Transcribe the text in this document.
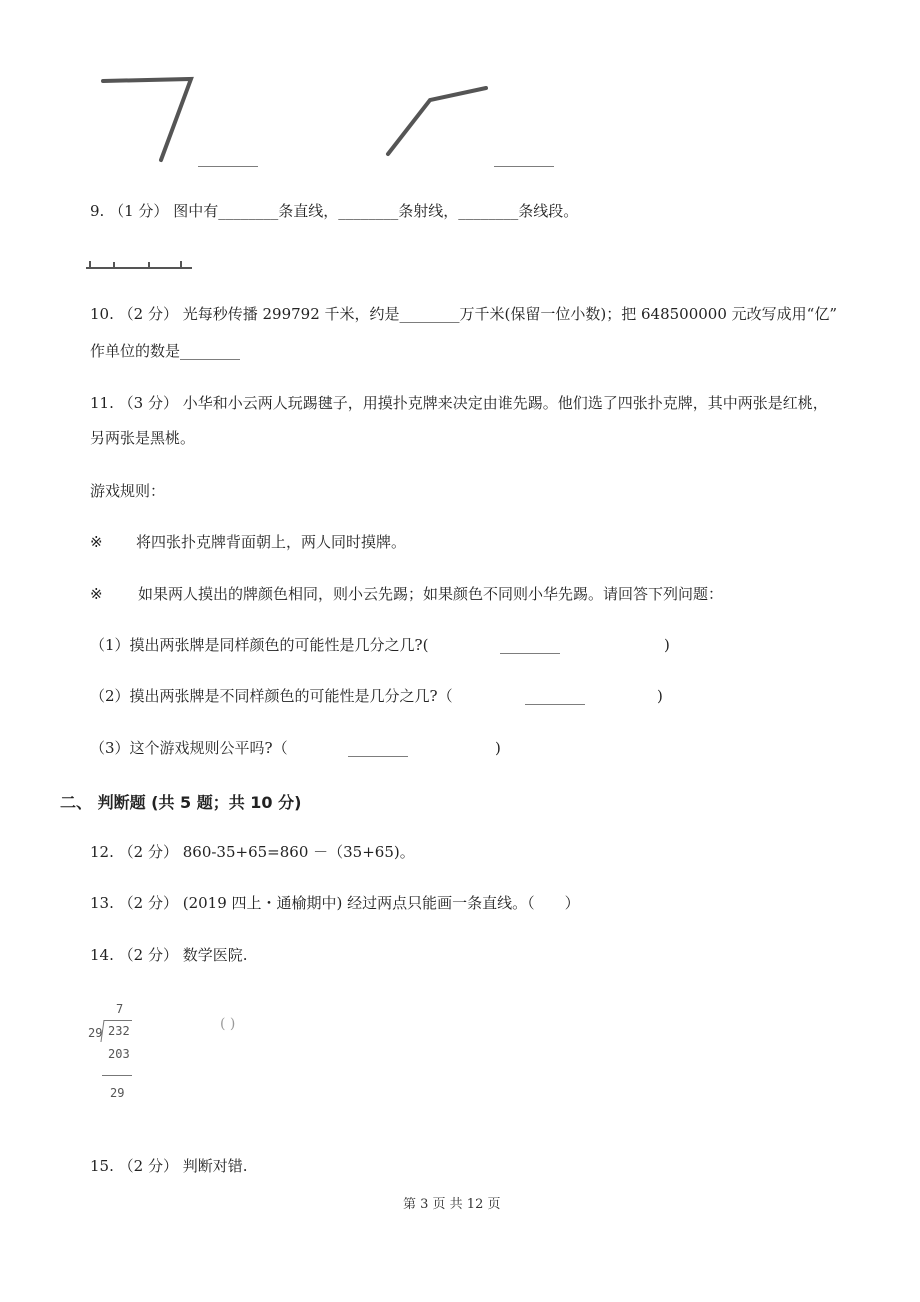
________	________
9. （1 分） 图中有________条直线，________条射线，________条线段。
10. （2 分） 光每秒传播 299792 千米，约是________万千米(保留一位小数)；把 648500000 元改写成用“亿”
作单位的数是________
11. （3 分） 小华和小云两人玩踢毽子，用摸扑克牌来决定由谁先踢。他们选了四张扑克牌，其中两张是红桃，
另两张是黑桃。
游戏规则：
※ 将四张扑克牌背面朝上，两人同时摸牌。
※ 如果两人摸出的牌颜色相同，则小云先踢；如果颜色不同则小华先踢。请回答下列问题：
（1）摸出两张牌是同样颜色的可能性是几分之几?(	________	)
（2）摸出两张牌是不同样颜色的可能性是几分之几?（	________	)
（3）这个游戏规则公平吗?（	________	)
二、 判断题 (共 5 题；共 10 分)
12. （2 分） 860-35+65=860 －（35+65)。
13. （2 分） (2019 四上・通榆期中) 经过两点只能画一条直线。（　　）
14. （2 分） 数学医院.
7
29 232
203
29
( )
15. （2 分） 判断对错.
第 3 页 共 12 页
